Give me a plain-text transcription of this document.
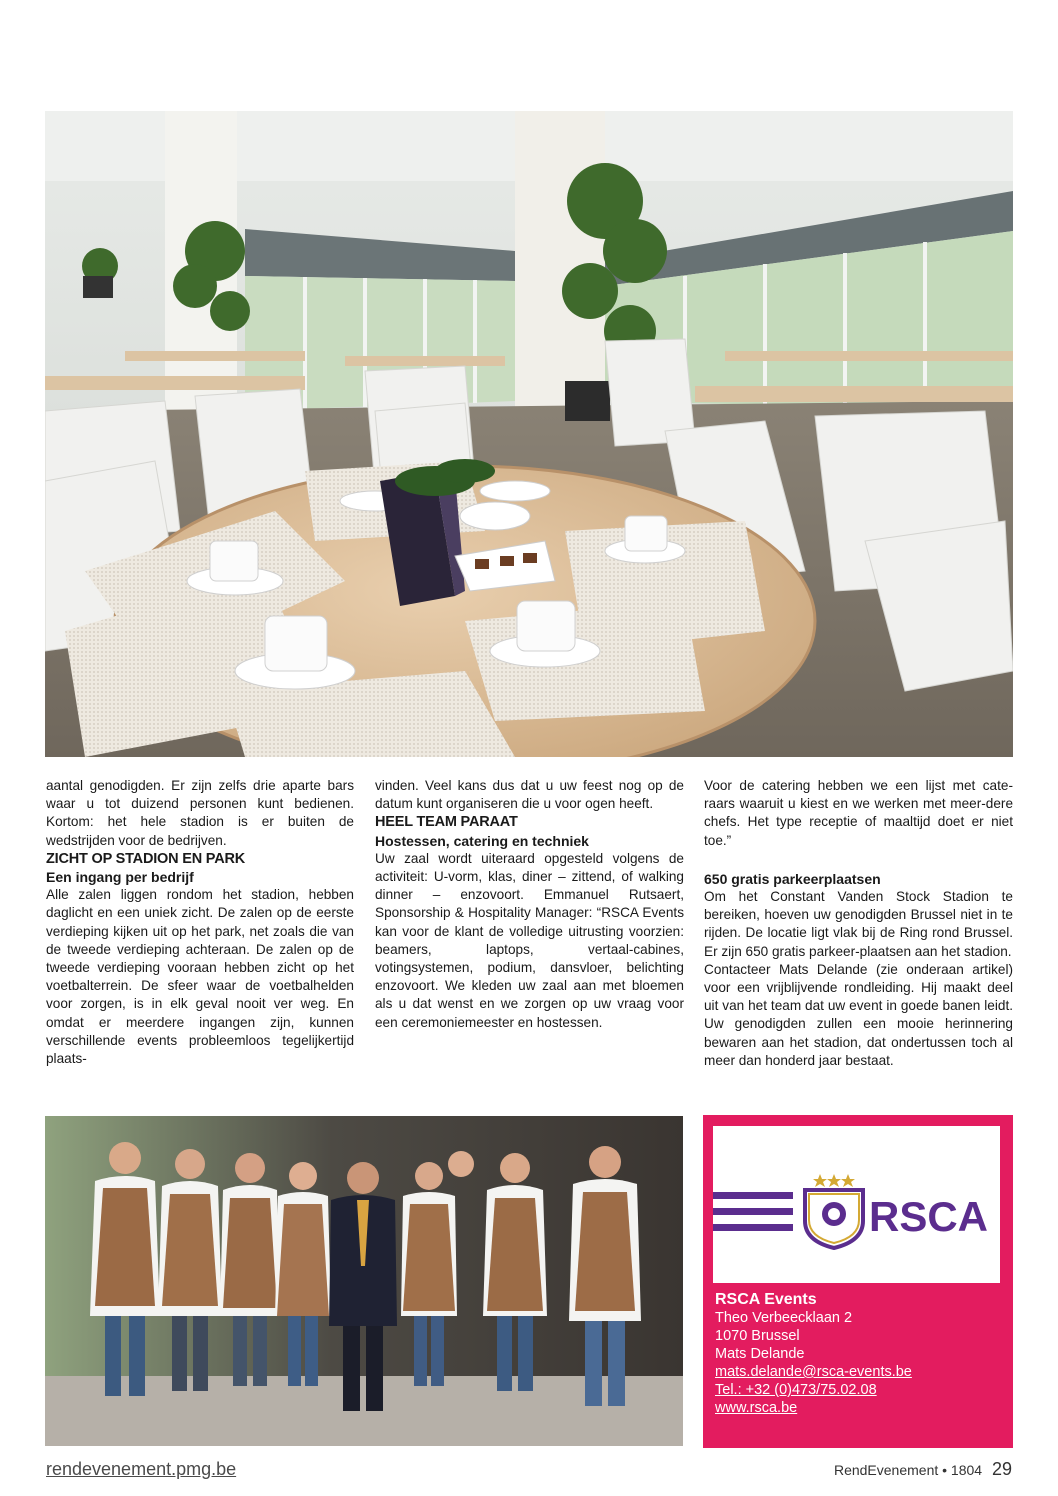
aantal genodigden. Er zijn zelfs drie aparte bars waar u tot duizend personen kunt bedienen. Kortom: het hele stadion is er buiten de wedstrijden voor de bedrijven.

ZICHT OP STADION EN PARK

Een ingang per bedrijf

Alle zalen liggen rondom het stadion, hebben daglicht en een uniek zicht. De zalen op de eerste verdieping kijken uit op het park, net zoals die van de tweede verdieping achteraan. De zalen op de tweede verdieping vooraan hebben zicht op het voetbalterrein. De sfeer waar de voetbalhelden voor zorgen, is in elk geval nooit ver weg. En omdat er meerdere ingangen zijn, kunnen verschillende events probleemloos tegelijkertijd plaats-

vinden. Veel kans dus dat u uw feest nog op de datum kunt organiseren die u voor ogen heeft.

HEEL TEAM PARAAT

Hostessen, catering en techniek

Uw zaal wordt uiteraard opgesteld volgens de activiteit: U-vorm, klas, diner – zittend, of walking dinner – enzovoort. Emmanuel Rutsaert, Sponsorship & Hospitality Manager: “RSCA Events kan voor de klant de volledige uitrusting voorzien: beamers, laptops, vertaal-cabines, votingsystemen, podium, dansvloer, belichting enzovoort. We kleden uw zaal aan met bloemen als u dat wenst en we zorgen op uw vraag voor een ceremoniemeester en hostessen.

Voor de catering hebben we een lijst met cate-raars waaruit u kiest en we werken met meer-dere chefs. Het type receptie of maaltijd doet er niet toe.”

650 gratis parkeerplaatsen

Om het Constant Vanden Stock Stadion te bereiken, hoeven uw genodigden Brussel niet in te rijden. De locatie ligt vlak bij de Ring rond Brussel. Er zijn 650 gratis parkeer-plaatsen aan het stadion.

Contacteer Mats Delande (zie onderaan artikel) voor een vrijblijvende rondleiding. Hij maakt deel uit van het team dat uw event in goede banen leidt. Uw genodigden zullen een mooie herinnering bewaren aan het stadion, dat ondertussen toch al meer dan honderd jaar bestaat.

RSCA
RSCA Events
Theo Verbeecklaan 2
1070 Brussel
Mats Delande
mats.delande@rsca-events.be
Tel.: +32 (0)473/75.02.08
www.rsca.be
rendevenement.pmg.be	RendEvenement • 1804 29
